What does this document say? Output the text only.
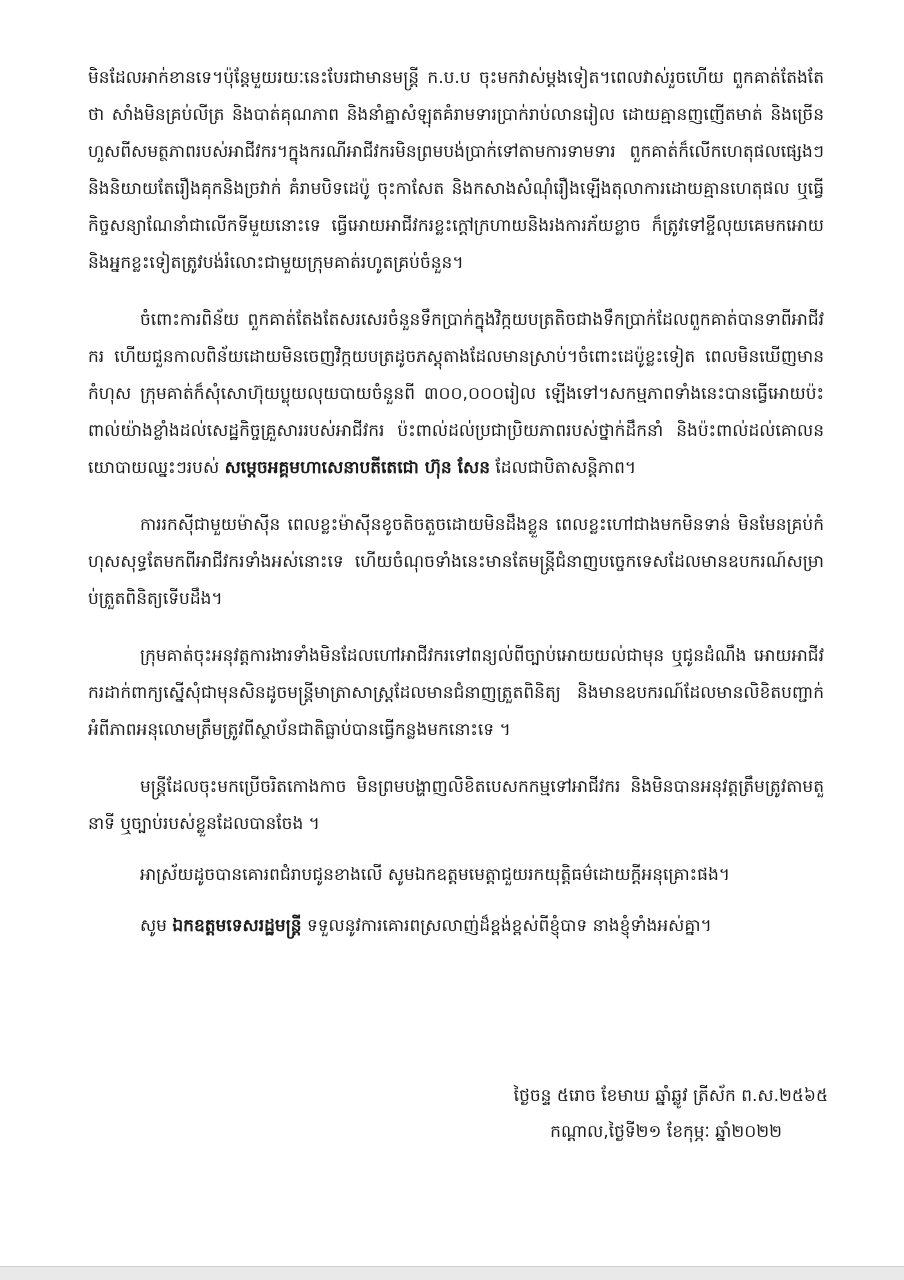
មិនដែលអាក់ខានទេ។ប៉ុន្តែមួយរយៈនេះបែរជាមានមន្ត្រី ក.ប.ប ចុះមកវាស់ម្តងទៀត។ពេលវាស់រួចហើយ ពួកគាត់តែងតែថា សាំងមិនគ្រប់លីត្រ និងបាត់គុណភាព និងនាំគ្នាសំឡុតគំរាមទារប្រាក់រាប់លានរៀល ដោយគ្មានញញើតមាត់ និងច្រើនហួសពីសមត្ថភាពរបស់អាជីវករ។ក្នុងករណីអាជីវករមិនព្រមបង់ប្រាក់ទៅតាមការទាមទារ ពួកគាត់ក៏លើកហេតុផលផ្សេងៗ និងនិយាយតែរឿងគុកនិងច្រវាក់ គំរាមបិទដេប៉ូ ចុះកាសែត និងកសាងសំណុំរឿងឡើងតុលាការដោយគ្មានហេតុផល ឬធ្វើកិច្ចសន្យាណែនាំជាលើកទីមួយនោះទេ ធ្វើអោយអាជីវករខ្លះក្តៅក្រហាយនិងរងការភ័យខ្លាច ក៏ត្រូវទៅខ្ចីលុយគេមកអោយ និងអ្នកខ្លះទៀតត្រូវបង់រំលោះជាមួយក្រុមគាត់រហូតគ្រប់ចំនួន។

ចំពោះការពិន័យ ពួកគាត់តែងតែសរសេរចំនួនទឹកប្រាក់ក្នុងវិក្កយបត្រតិចជាងទឹកប្រាក់ដែលពួកគាត់បានទាពីអាជីវករ ហើយជួនកាលពិន័យដោយមិនចេញវិក្កយបត្រដូចភស្តុតាងដែលមានស្រាប់។ចំពោះដេប៉ូខ្លះទៀត ពេលមិនឃើញមានកំហុស ក្រុមគាត់ក៏សុំសោហ៊ុយប្លុយលុយបាយចំនួនពី ៣០០,០០០រៀល ឡើងទៅ។សកម្មភាពទាំងនេះបានធ្វើអោយប៉ះពាល់យ៉ាងខ្លាំងដល់សេដ្ឋកិច្ចគ្រួសាររបស់អាជីវករ ប៉ះពាល់ដល់ប្រជាប្រិយភាពរបស់ថ្នាក់ដឹកនាំ និងប៉ះពាល់ដល់គោលនយោបាយឈ្នះៗរបស់ សម្តេចអគ្គមហាសេនាបតីតេជោ ហ៊ុន សែន ដែលជាបិតាសន្តិភាព។

ការរកស៊ីជាមួយម៉ាស៊ីន ពេលខ្លះម៉ាស៊ីនខូចតិចតួចដោយមិនដឹងខ្លួន ពេលខ្លះហៅជាងមកមិនទាន់ មិនមែនគ្រប់កំហុសសុទ្ធតែមកពីអាជីវករទាំងអស់នោះទេ ហើយចំណុចទាំងនេះមានតែមន្ត្រីជំនាញបច្ចេកទេសដែលមានឧបករណ៍សម្រាប់ត្រួតពិនិត្យទើបដឹង។

ក្រុមគាត់ចុះអនុវត្តការងារទាំងមិនដែលហៅអាជីវករទៅពន្យល់ពីច្បាប់អោយយល់ជាមុន ឬជូនដំណឹង អោយអាជីវករដាក់ពាក្យស្នើសុំជាមុនសិនដូចមន្ត្រីមាត្រាសាស្ត្រដែលមានជំនាញត្រួតពិនិត្យ និងមានឧបករណ៍ដែលមានលិខិតបញ្ជាក់អំពីភាពអនុលោមត្រឹមត្រូវពីស្ថាប័នជាតិធ្លាប់បានធ្វើកន្លងមកនោះទេ ។

មន្ត្រីដែលចុះមកប្រើចរិតកោងកាច មិនព្រមបង្ហាញលិខិតបេសកកម្មទៅអាជីវករ និងមិនបានអនុវត្តត្រឹមត្រូវតាមតួនាទី ឬច្បាប់របស់ខ្លួនដែលបានចែង ។

អាស្រ័យដូចបានគោរពជំរាបជូនខាងលើ សូមឯកឧត្តមមេត្តាជួយរកយុត្តិធម៌ដោយក្តីអនុគ្រោះផង។

សូម ឯកឧត្តមទេសរដ្ឋមន្ត្រី ទទួលនូវការគោរពស្រលាញ់ដ៏ខ្ពង់ខ្ពស់ពីខ្ញុំបាទ នាងខ្ញុំទាំងអស់គ្នា។

ថ្ងៃចន្ទ ៥រោច ខែមាឃ ឆ្នាំឆ្លូវ ត្រីស័ក ព.ស.២៥៦៥
កណ្តាល,ថ្ងៃទី២១ ខែកុម្ភៈ ឆ្នាំ២០២២
